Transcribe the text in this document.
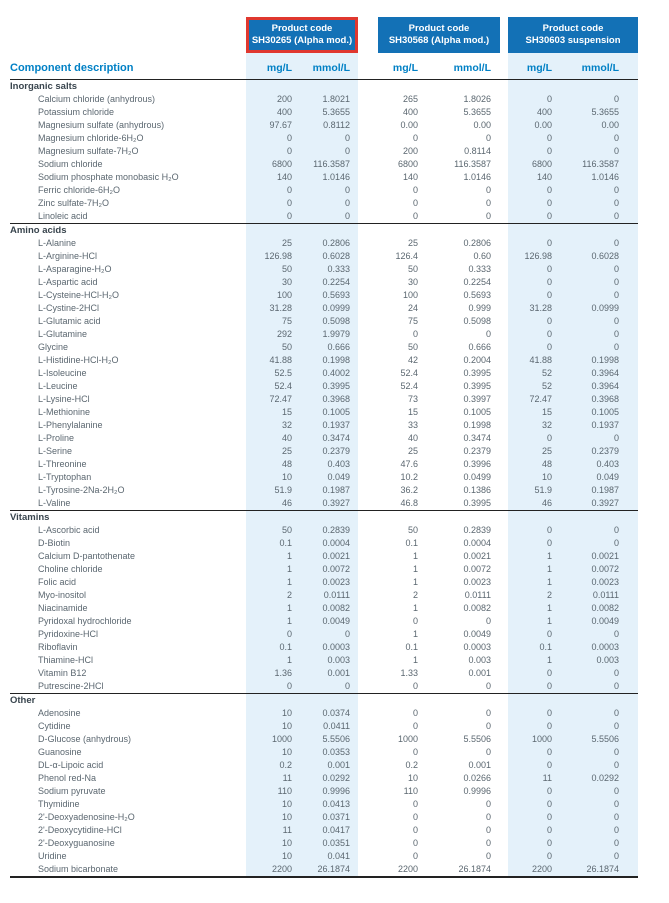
	Product code
SH30265 (Alpha mod.)			Product code
SH30568 (Alpha mod.)			Product code
SH30603 suspension	

Component description	mg/L	mmol/L		mg/L	mmol/L		mg/L	mmol/L
Inorganic salts								
Calcium chloride (anhydrous)	200	1.8021		265	1.8026		0	0
Potassium chloride	400	5.3655		400	5.3655		400	5.3655
Magnesium sulfate (anhydrous)	97.67	0.8112		0.00	0.00		0.00	0.00
Magnesium chloride-6H₂O	0	0		0	0		0	0
Magnesium sulfate-7H₂O	0	0		200	0.8114		0	0
Sodium chloride	6800	116.3587		6800	116.3587		6800	116.3587
Sodium phosphate monobasic H₂O	140	1.0146		140	1.0146		140	1.0146
Ferric chloride-6H₂O	0	0		0	0		0	0
Zinc sulfate-7H₂O	0	0		0	0		0	0
Linoleic acid	0	0		0	0		0	0
Amino acids								
L-Alanine	25	0.2806		25	0.2806		0	0
L-Arginine-HCl	126.98	0.6028		126.4	0.60		126.98	0.6028
L-Asparagine-H₂O	50	0.333		50	0.333		0	0
L-Aspartic acid	30	0.2254		30	0.2254		0	0
L-Cysteine-HCl-H₂O	100	0.5693		100	0.5693		0	0
L-Cystine-2HCl	31.28	0.0999		24	0.999		31.28	0.0999
L-Glutamic acid	75	0.5098		75	0.5098		0	0
L-Glutamine	292	1.9979		0	0		0	0
Glycine	50	0.666		50	0.666		0	0
L-Histidine-HCl-H₂O	41.88	0.1998		42	0.2004		41.88	0.1998
L-Isoleucine	52.5	0.4002		52.4	0.3995		52	0.3964
L-Leucine	52.4	0.3995		52.4	0.3995		52	0.3964
L-Lysine-HCl	72.47	0.3968		73	0.3997		72.47	0.3968
L-Methionine	15	0.1005		15	0.1005		15	0.1005
L-Phenylalanine	32	0.1937		33	0.1998		32	0.1937
L-Proline	40	0.3474		40	0.3474		0	0
L-Serine	25	0.2379		25	0.2379		25	0.2379
L-Threonine	48	0.403		47.6	0.3996		48	0.403
L-Tryptophan	10	0.049		10.2	0.0499		10	0.049
L-Tyrosine-2Na-2H₂O	51.9	0.1987		36.2	0.1386		51.9	0.1987
L-Valine	46	0.3927		46.8	0.3995		46	0.3927
Vitamins								
L-Ascorbic acid	50	0.2839		50	0.2839		0	0
D-Biotin	0.1	0.0004		0.1	0.0004		0	0
Calcium D-pantothenate	1	0.0021		1	0.0021		1	0.0021
Choline chloride	1	0.0072		1	0.0072		1	0.0072
Folic acid	1	0.0023		1	0.0023		1	0.0023
Myo-inositol	2	0.0111		2	0.0111		2	0.0111
Niacinamide	1	0.0082		1	0.0082		1	0.0082
Pyridoxal hydrochloride	1	0.0049		0	0		1	0.0049
Pyridoxine-HCl	0	0		1	0.0049		0	0
Riboflavin	0.1	0.0003		0.1	0.0003		0.1	0.0003
Thiamine-HCl	1	0.003		1	0.003		1	0.003
Vitamin B12	1.36	0.001		1.33	0.001		0	0
Putrescine-2HCl	0	0		0	0		0	0
Other								
Adenosine	10	0.0374		0	0		0	0
Cytidine	10	0.0411		0	0		0	0
D-Glucose (anhydrous)	1000	5.5506		1000	5.5506		1000	5.5506
Guanosine	10	0.0353		0	0		0	0
DL-α-Lipoic acid	0.2	0.001		0.2	0.001		0	0
Phenol red-Na	11	0.0292		10	0.0266		11	0.0292
Sodium pyruvate	110	0.9996		110	0.9996		0	0
Thymidine	10	0.0413		0	0		0	0
2'-Deoxyadenosine-H₂O	10	0.0371		0	0		0	0
2'-Deoxycytidine-HCl	11	0.0417		0	0		0	0
2'-Deoxyguanosine	10	0.0351		0	0		0	0
Uridine	10	0.041		0	0		0	0
Sodium bicarbonate	2200	26.1874		2200	26.1874		2200	26.1874
